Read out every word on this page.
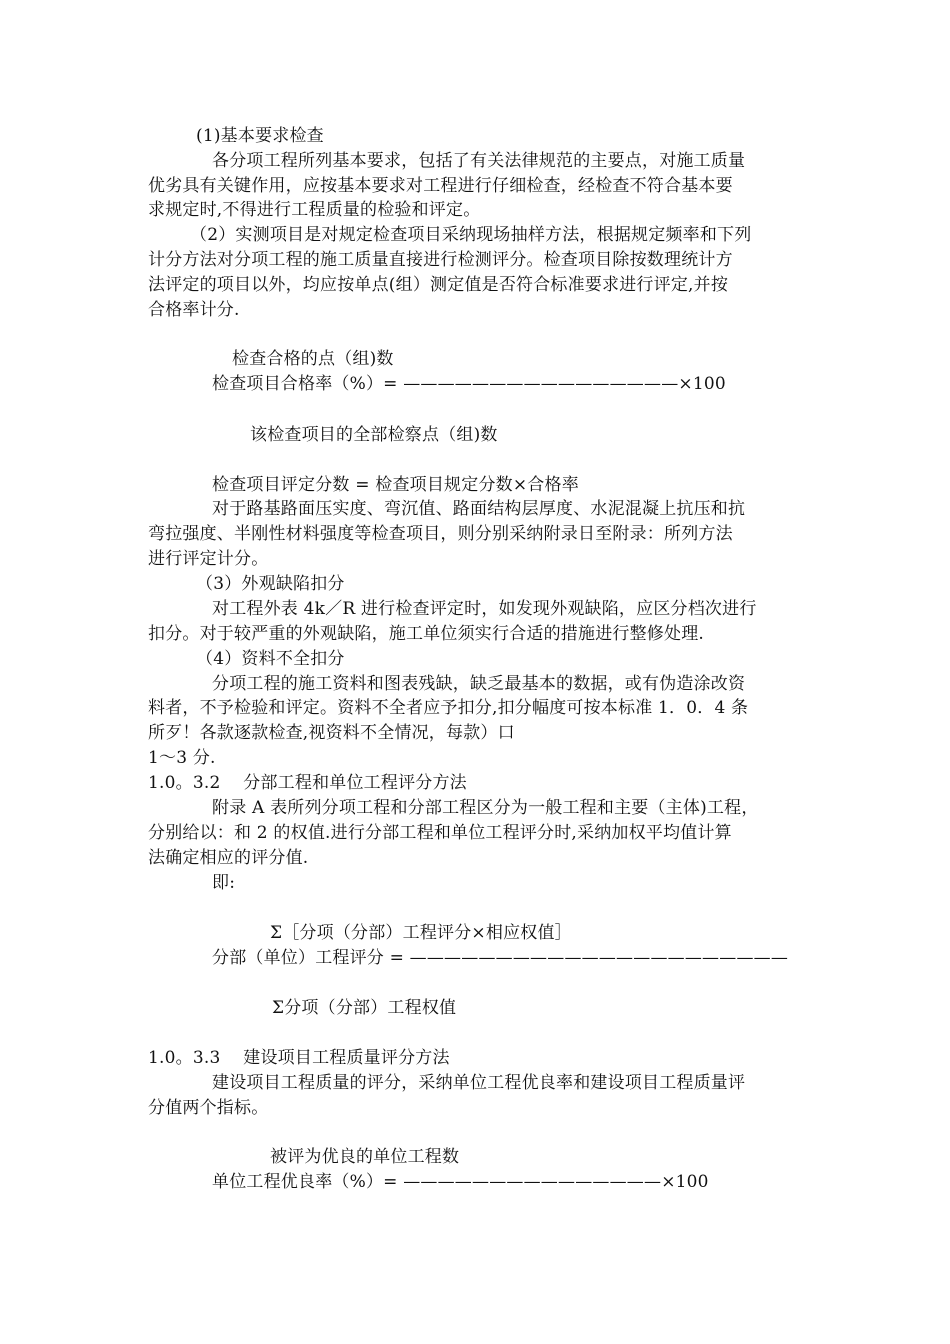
(1)基本要求检查
各分项工程所列基本要求，包括了有关法律规范的主要点，对施工质量
优劣具有关键作用，应按基本要求对工程进行仔细检查，经检查不符合基本要
求规定时,不得进行工程质量的检验和评定。
（2）实测项目是对规定检查项目采纳现场抽样方法，根据规定频率和下列
计分方法对分项工程的施工质量直接进行检测评分。检查项目除按数理统计方
法评定的项目以外，均应按单点(组）测定值是否符合标准要求进行评定,并按
合格率计分.
检查合格的点（组)数
检查项目合格率（%）= ————————————————×100
该检查项目的全部检察点（组)数
检查项目评定分数 = 检查项目规定分数×合格率
对于路基路面压实度、弯沉值、路面结构层厚度、水泥混凝上抗压和抗
弯拉强度、半刚性材料强度等检查项目，则分别采纳附录日至附录：所列方法
进行评定计分。
（3）外观缺陷扣分
对工程外表 4k／R 进行检查评定时，如发现外观缺陷，应区分档次进行
扣分。对于较严重的外观缺陷，施工单位须实行合适的措施进行整修处理.
（4）资料不全扣分
分项工程的施工资料和图表残缺，缺乏最基本的数据，或有伪造涂改资
料者，不予检验和评定。资料不全者应予扣分,扣分幅度可按本标准 1．0．4 条
所歹！各款逐款检查,视资料不全情况，每款）口
1～3 分.
1.0。3.2　 分部工程和单位工程评分方法
附录 A 表所列分项工程和分部工程区分为一般工程和主要（主体)工程，
分别给以：和 2 的权值.进行分部工程和单位工程评分时,采纳加权平均值计算
法确定相应的评分值.
即:
Σ［分项（分部）工程评分×相应权值］
分部（单位）工程评分 = ——————————————————————
Σ分项（分部）工程权值
1.0。3.3　 建设项目工程质量评分方法
建设项目工程质量的评分，采纳单位工程优良率和建设项目工程质量评
分值两个指标。
被评为优良的单位工程数
单位工程优良率（%）= ———————————————×100
